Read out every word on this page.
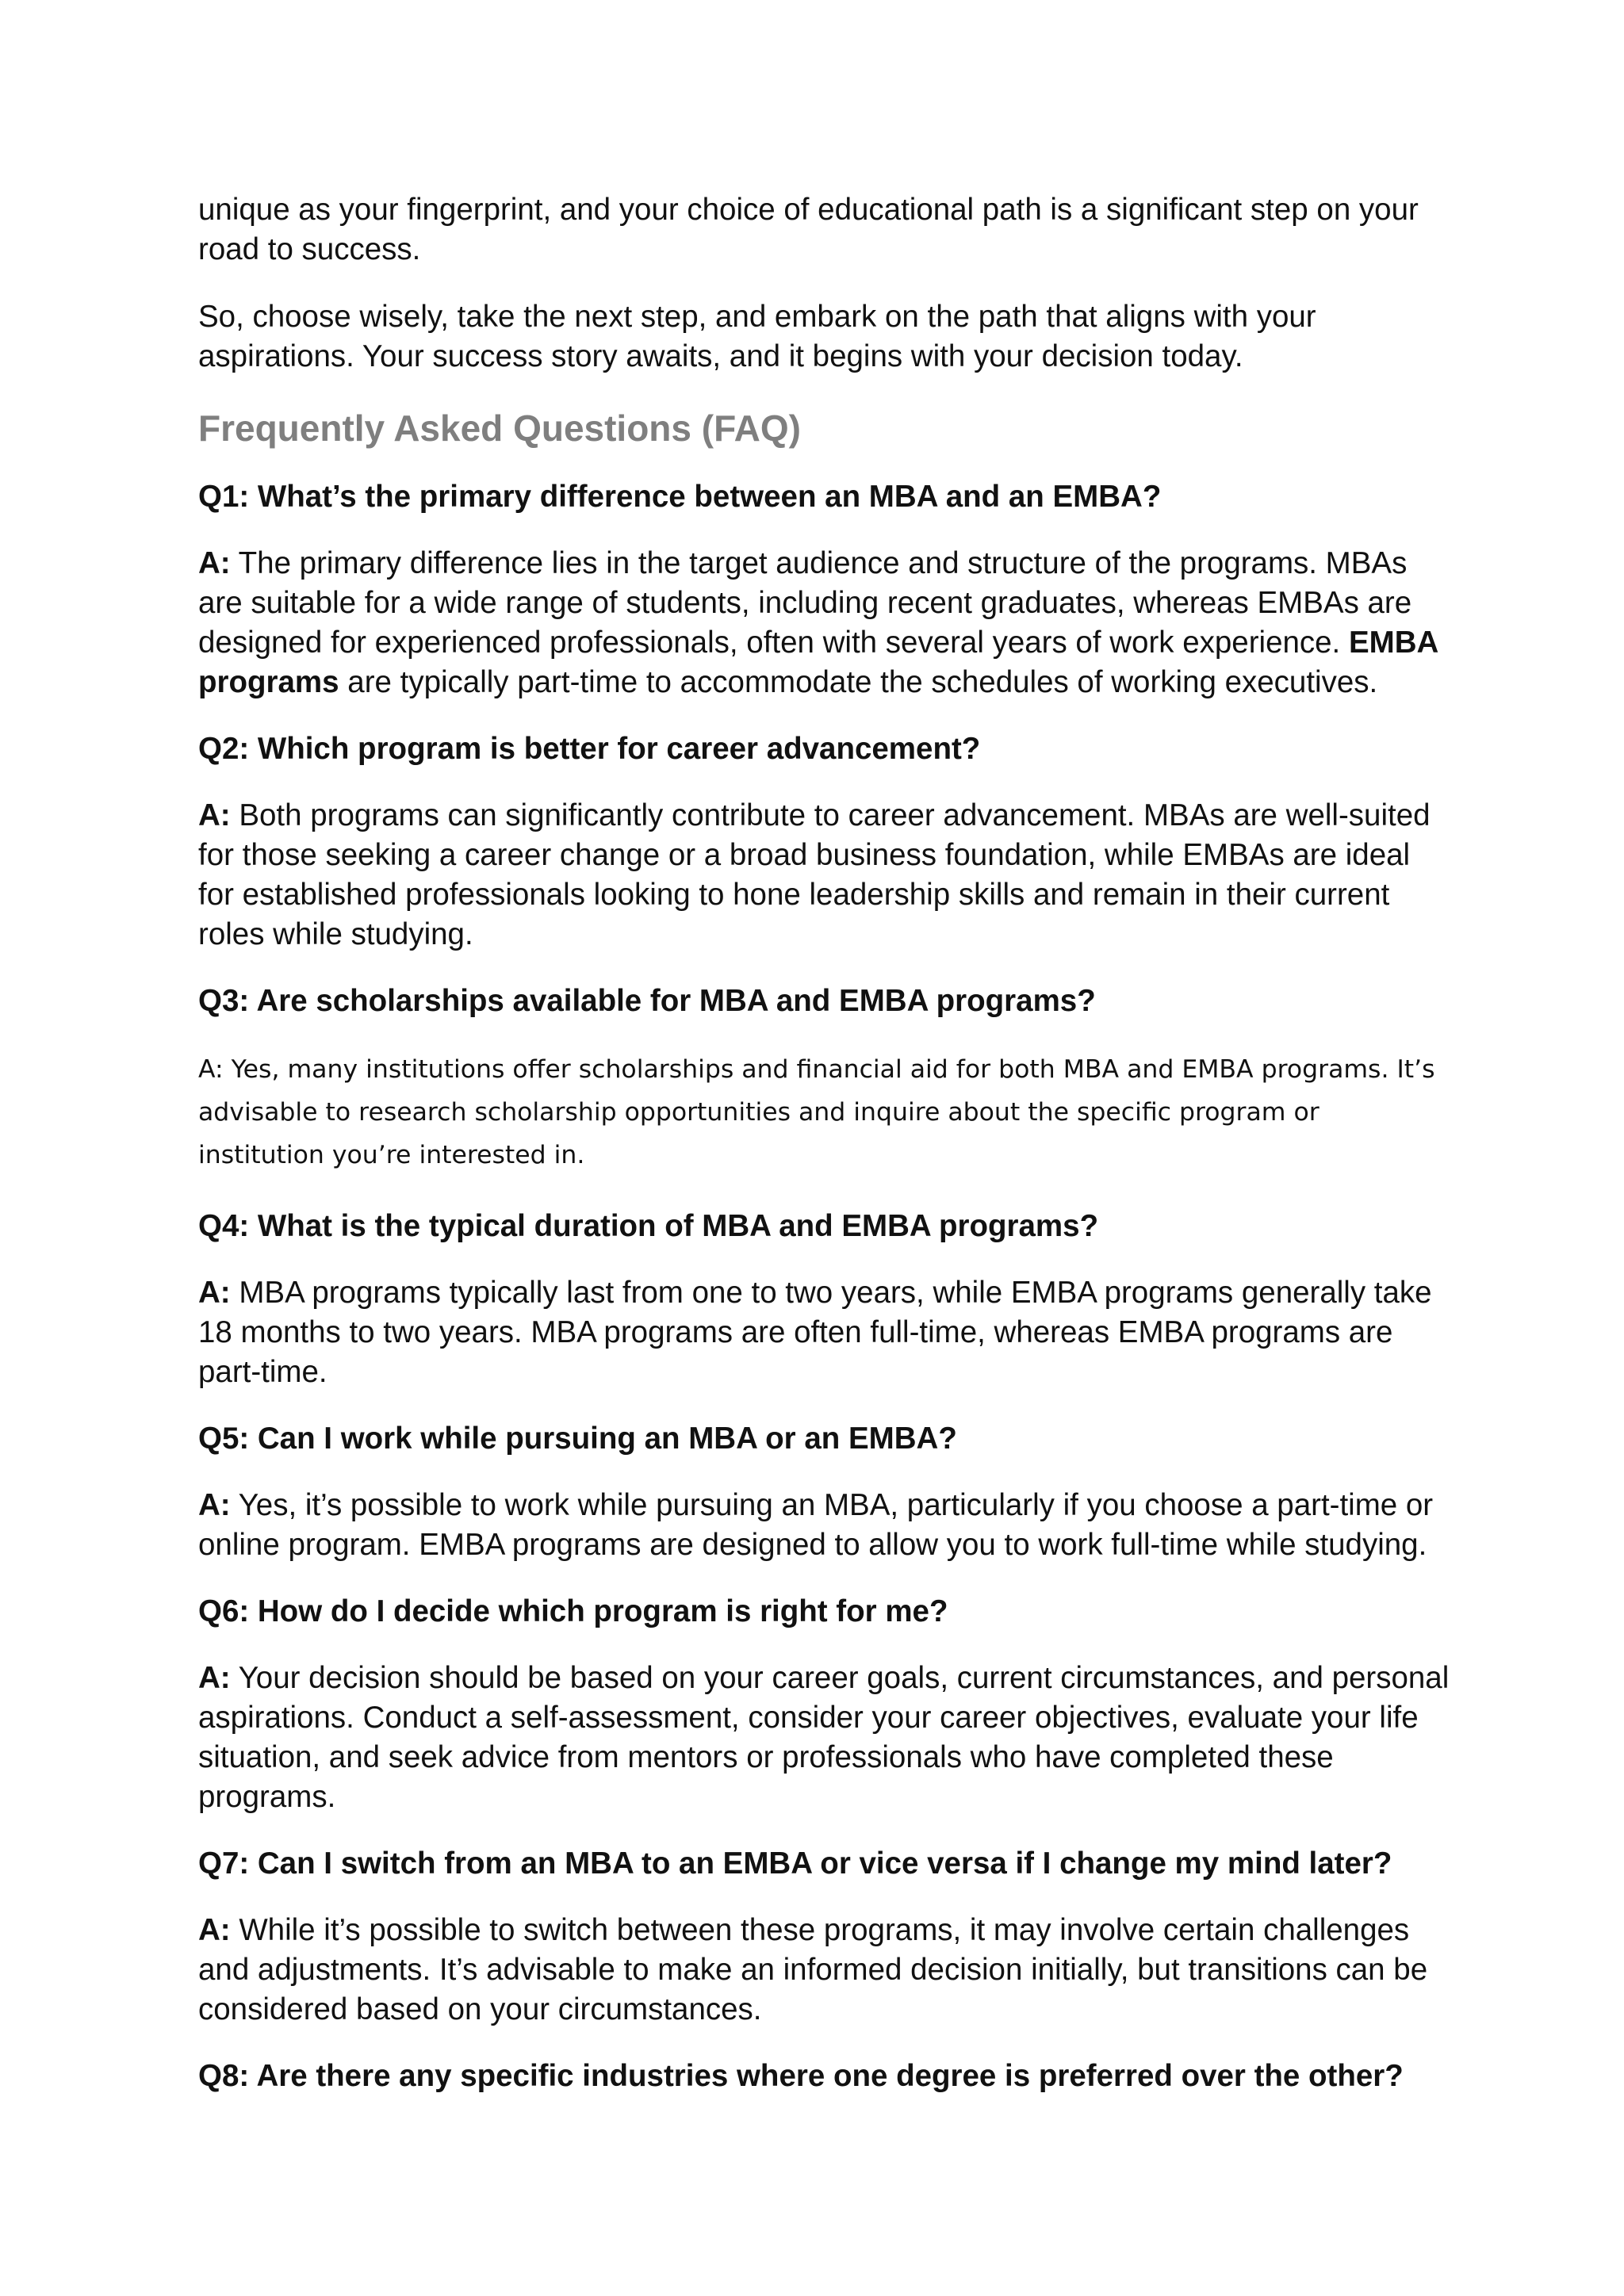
unique as your fingerprint, and your choice of educational path is a significant step on your road to success.

So, choose wisely, take the next step, and embark on the path that aligns with your aspirations. Your success story awaits, and it begins with your decision today.

Frequently Asked Questions (FAQ)

Q1: What’s the primary difference between an MBA and an EMBA?

A: The primary difference lies in the target audience and structure of the programs. MBAs are suitable for a wide range of students, including recent graduates, whereas EMBAs are designed for experienced professionals, often with several years of work experience. EMBA programs are typically part-time to accommodate the schedules of working executives.

Q2: Which program is better for career advancement?

A: Both programs can significantly contribute to career advancement. MBAs are well-suited for those seeking a career change or a broad business foundation, while EMBAs are ideal for established professionals looking to hone leadership skills and remain in their current roles while studying.

Q3: Are scholarships available for MBA and EMBA programs?

A: Yes, many institutions offer scholarships and financial aid for both MBA and EMBA programs. It’s advisable to research scholarship opportunities and inquire about the specific program or institution you’re interested in.

Q4: What is the typical duration of MBA and EMBA programs?

A: MBA programs typically last from one to two years, while EMBA programs generally take 18 months to two years. MBA programs are often full-time, whereas EMBA programs are part-time.

Q5: Can I work while pursuing an MBA or an EMBA?

A: Yes, it’s possible to work while pursuing an MBA, particularly if you choose a part-time or online program. EMBA programs are designed to allow you to work full-time while studying.

Q6: How do I decide which program is right for me?

A: Your decision should be based on your career goals, current circumstances, and personal aspirations. Conduct a self-assessment, consider your career objectives, evaluate your life situation, and seek advice from mentors or professionals who have completed these programs.

Q7: Can I switch from an MBA to an EMBA or vice versa if I change my mind later?

A: While it’s possible to switch between these programs, it may involve certain challenges and adjustments. It’s advisable to make an informed decision initially, but transitions can be considered based on your circumstances.

Q8: Are there any specific industries where one degree is preferred over the other?
